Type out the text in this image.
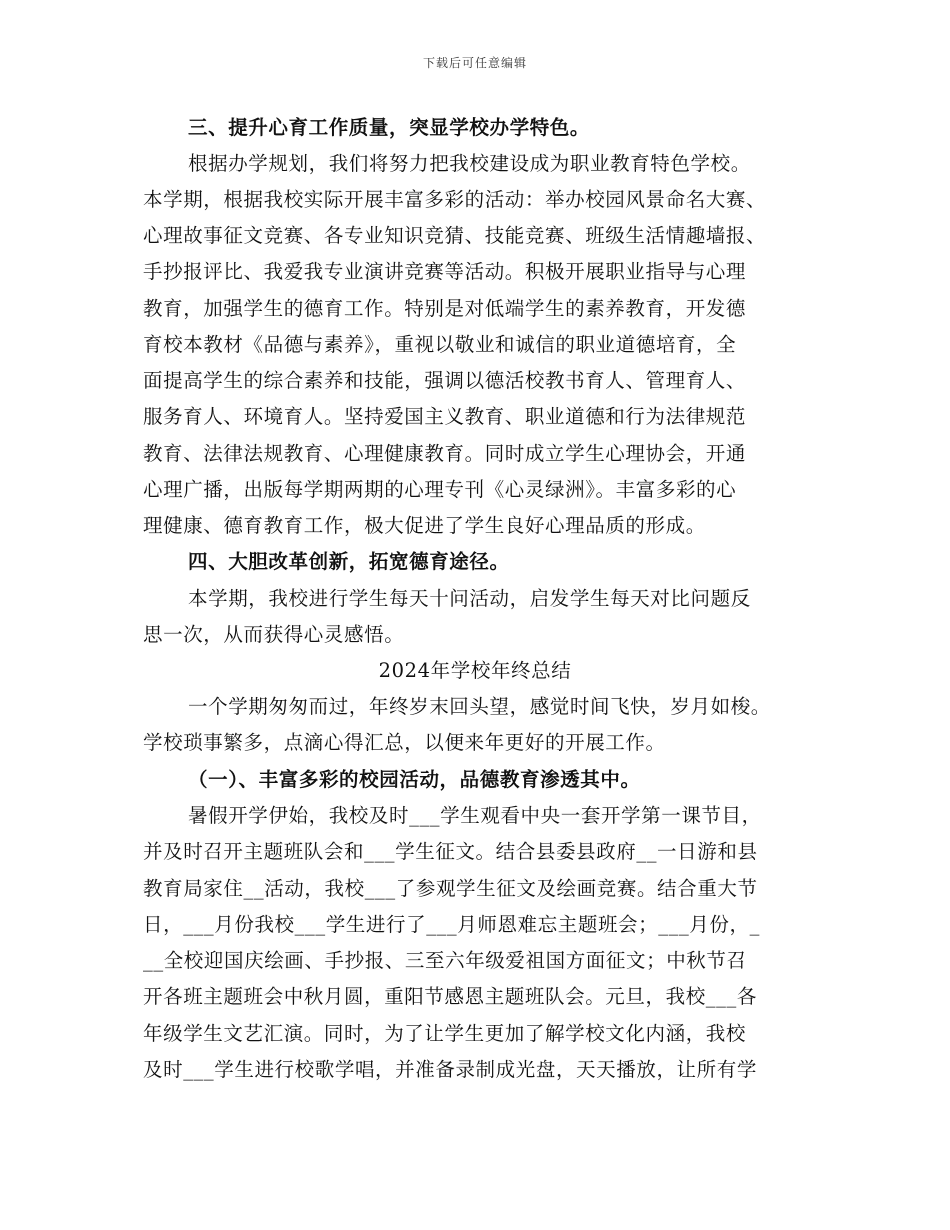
下载后可任意编辑
三、提升心育工作质量，突显学校办学特色。
根据办学规划，我们将努力把我校建设成为职业教育特色学校。
本学期，根据我校实际开展丰富多彩的活动：举办校园风景命名大赛、
心理故事征文竞赛、各专业知识竞猜、技能竞赛、班级生活情趣墙报、
手抄报评比、我爱我专业演讲竞赛等活动。积极开展职业指导与心理
教育，加强学生的德育工作。特别是对低端学生的素养教育，开发德
育校本教材《品德与素养》，重视以敬业和诚信的职业道德培育，全
面提高学生的综合素养和技能，强调以德活校教书育人、管理育人、
服务育人、环境育人。坚持爱国主义教育、职业道德和行为法律规范
教育、法律法规教育、心理健康教育。同时成立学生心理协会，开通
心理广播，出版每学期两期的心理专刊《心灵绿洲》。丰富多彩的心
理健康、德育教育工作，极大促进了学生良好心理品质的形成。
四、大胆改革创新，拓宽德育途径。
本学期，我校进行学生每天十问活动，启发学生每天对比问题反
思一次，从而获得心灵感悟。
2024年学校年终总结
一个学期匆匆而过，年终岁末回头望，感觉时间飞快，岁月如梭。
学校琐事繁多，点滴心得汇总，以便来年更好的开展工作。
（一）、丰富多彩的校园活动，品德教育渗透其中。
暑假开学伊始，我校及时___学生观看中央一套开学第一课节目，
并及时召开主题班队会和___学生征文。结合县委县政府__一日游和县
教育局家住__活动，我校___了参观学生征文及绘画竞赛。结合重大节
日，___月份我校___学生进行了___月师恩难忘主题班会；___月份，_
__全校迎国庆绘画、手抄报、三至六年级爱祖国方面征文；中秋节召
开各班主题班会中秋月圆，重阳节感恩主题班队会。元旦，我校___各
年级学生文艺汇演。同时，为了让学生更加了解学校文化内涵，我校
及时___学生进行校歌学唱，并准备录制成光盘，天天播放，让所有学
